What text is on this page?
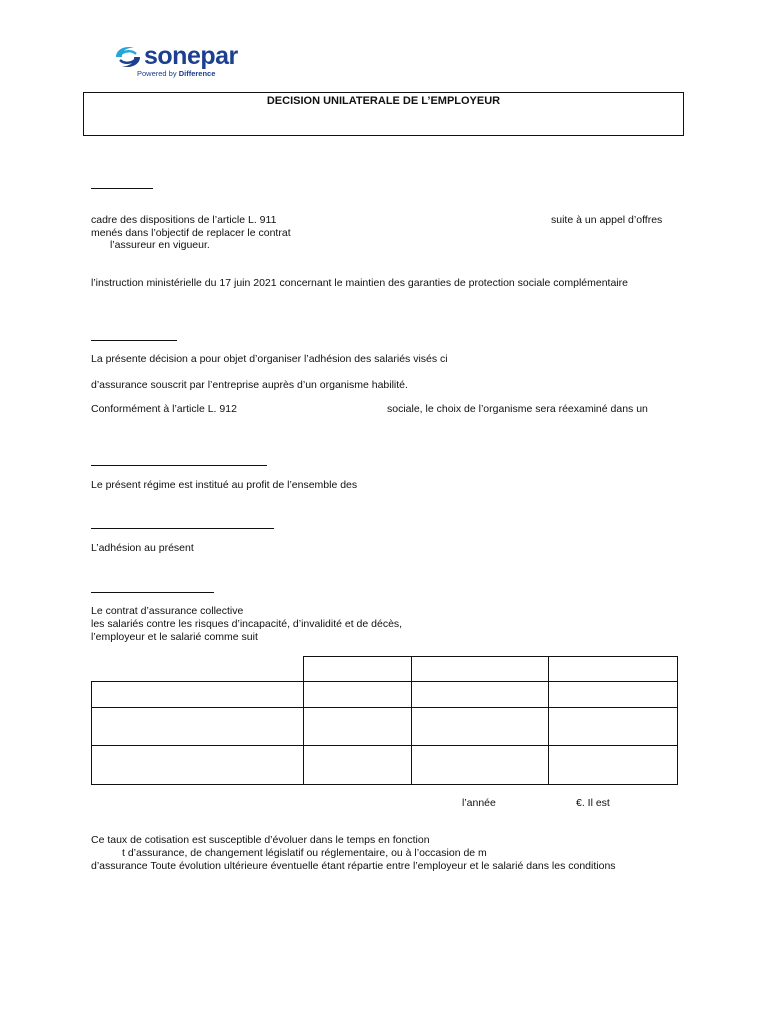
sonepar
Powered by Difference
DECISION UNILATERALE DE L’EMPLOYEUR
cadre des dispositions de l’article L. 911	suite à un appel d’offres
menés dans l’objectif de replacer le contrat
l’assureur en vigueur.
l’instruction ministérielle du 17 juin 2021 concernant le maintien des garanties de protection sociale complémentaire
La présente décision a pour objet d’organiser l’adhésion des salariés visés ci
d’assurance souscrit par l’entreprise auprès d’un organisme habilité.
Conformément à l’article L. 912	sociale, le choix de l’organisme sera réexaminé dans un
Le présent régime est institué au profit de l’ensemble des
L’adhésion au présent
Le contrat d’assurance collective
les salariés contre les risques d’incapacité, d’invalidité et de décès,
l’employeur et le salarié comme suit

l’année	€. Il est
Ce taux de cotisation est susceptible d’évoluer dans le temps en fonction
t d’assurance, de changement législatif ou réglementaire, ou à l’occasion de m
d’assurance Toute évolution ultérieure éventuelle étant répartie entre l’employeur et le salarié dans les conditions
